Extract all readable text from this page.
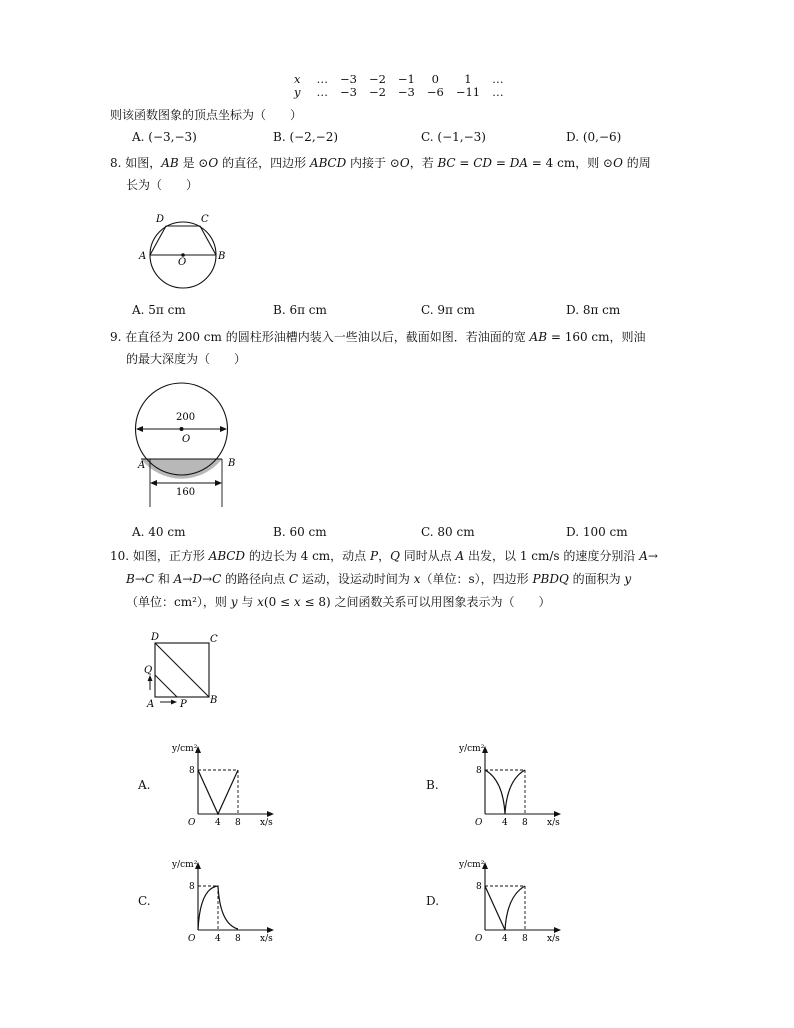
x	…	−3	−2	−1	0	1	…
y	…	−3	−2	−3	−6	−11	…
则该函数图象的顶点坐标为（　　）
A. (−3,−3)	B. (−2,−2)	C. (−1,−3)	D. (0,−6)
8. 如图，𝐴𝐵 是 ⊙𝑂 的直径，四边形 𝐴𝐵𝐶𝐷 内接于 ⊙𝑂，若 𝐵𝐶 = 𝐶𝐷 = 𝐷𝐴 = 4 cm，则 ⊙𝑂 的周
长为（　　）
D	C
A	B
O
A. 5π cm	B. 6π cm	C. 9π cm	D. 8π cm
9. 在直径为 200 cm 的圆柱形油槽内装入一些油以后，截面如图．若油面的宽 𝐴𝐵 = 160 cm，则油
的最大深度为（　　）
200
O
A	B
160
A. 40 cm	B. 60 cm	C. 80 cm	D. 100 cm
10. 如图，正方形 𝐴𝐵𝐶𝐷 的边长为 4 cm，动点 𝑃，𝑄 同时从点 𝐴 出发，以 1 cm/s 的速度分别沿 𝐴→
𝐵→𝐶 和 𝐴→𝐷→𝐶 的路径向点 𝐶 运动，设运动时间为 𝑥（单位：s），四边形 𝑃𝐵𝐷𝑄 的面积为 𝑦
（单位：cm²），则 𝑦 与 𝑥(0 ≤ 𝑥 ≤ 8) 之间函数关系可以用图象表示为（　　）
D	C
Q
B
A	P
A.	B.
C.	D.
y/cm²
8
O 4 8 x/s
y/cm²
8
O 4 8 x/s
y/cm²
8
O 4 8 x/s
y/cm²
8
O 4 8 x/s
